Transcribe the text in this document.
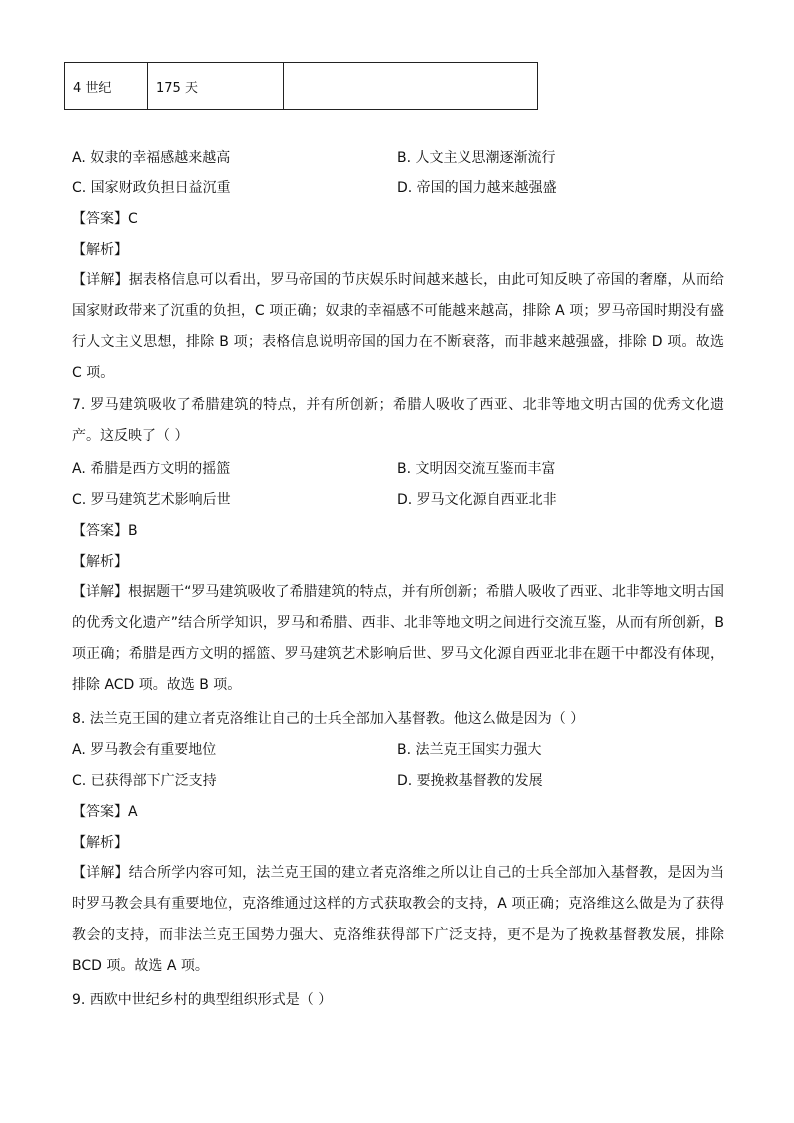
4 世纪	175 天	
A. 奴隶的幸福感越来越高	B. 人文主义思潮逐渐流行
C. 国家财政负担日益沉重	D. 帝国的国力越来越强盛
【答案】C
【解析】

【详解】据表格信息可以看出，罗马帝国的节庆娱乐时间越来越长，由此可知反映了帝国的奢靡，从而给国家财政带来了沉重的负担，C 项正确；奴隶的幸福感不可能越来越高，排除 A 项；罗马帝国时期没有盛行人文主义思想，排除 B 项；表格信息说明帝国的国力在不断衰落，而非越来越强盛，排除 D 项。故选 C 项。

7. 罗马建筑吸收了希腊建筑的特点，并有所创新；希腊人吸收了西亚、北非等地文明古国的优秀文化遗产。这反映了（ ）

A. 希腊是西方文明的摇篮	B. 文明因交流互鉴而丰富
C. 罗马建筑艺术影响后世	D. 罗马文化源自西亚北非
【答案】B
【解析】

【详解】根据题干“罗马建筑吸收了希腊建筑的特点，并有所创新；希腊人吸收了西亚、北非等地文明古国的优秀文化遗产”结合所学知识，罗马和希腊、西非、北非等地文明之间进行交流互鉴，从而有所创新，B 项正确；希腊是西方文明的摇篮、罗马建筑艺术影响后世、罗马文化源自西亚北非在题干中都没有体现，排除 ACD 项。故选 B 项。

8. 法兰克王国的建立者克洛维让自己的士兵全部加入基督教。他这么做是因为（ ）
A. 罗马教会有重要地位	B. 法兰克王国实力强大
C. 已获得部下广泛支持	D. 要挽救基督教的发展
【答案】A
【解析】

【详解】结合所学内容可知，法兰克王国的建立者克洛维之所以让自己的士兵全部加入基督教，是因为当时罗马教会具有重要地位，克洛维通过这样的方式获取教会的支持，A 项正确；克洛维这么做是为了获得教会的支持，而非法兰克王国势力强大、克洛维获得部下广泛支持，更不是为了挽救基督教发展，排除 BCD 项。故选 A 项。

9. 西欧中世纪乡村的典型组织形式是（ ）
